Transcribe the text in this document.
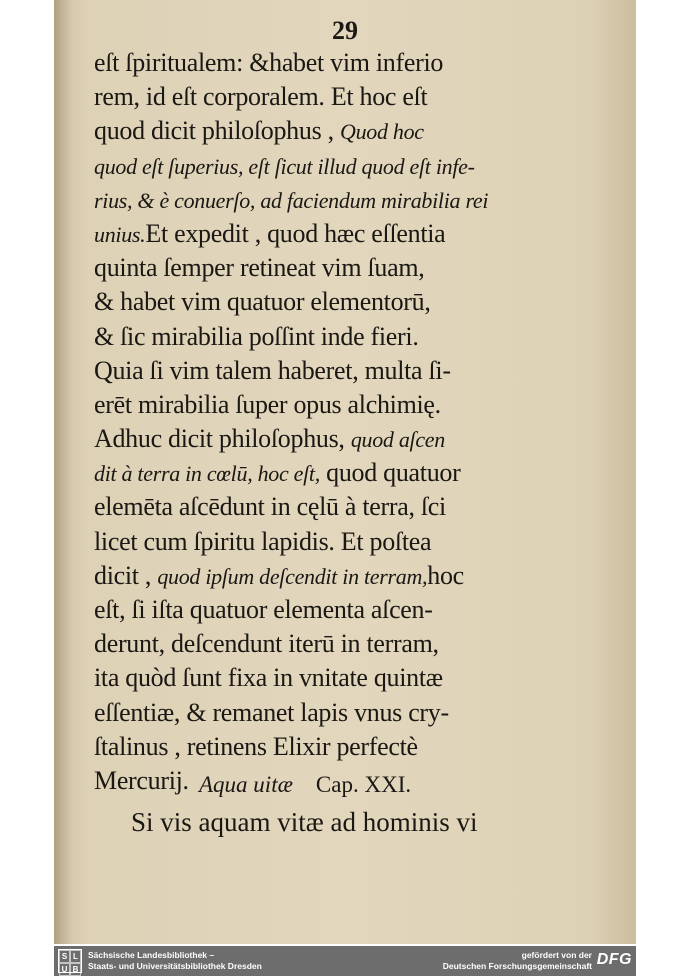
29
eſt ſpiritualem: &habet vim inferio
rem, id eſt corporalem. Et hoc eſt
quod dicit philoſophus , Quod hoc
quod eſt ſuperius, eſt ſicut illud quod eſt infe-
rius, & è conuerſo, ad faciendum mirabilia rei
unius.Et expedit , quod hæc eſſentia
quinta ſemper retineat vim ſuam,
& habet vim quatuor elementorū,
& ſic mirabilia poſſint inde fieri.
Quia ſi vim talem haberet, multa ſi-
erēt mirabilia ſuper opus alchimię.
Adhuc dicit philoſophus, quod aſcen
dit à terra in cœlū, hoc eſt, quod quatuor
elemēta aſcēdunt in cęlū à terra, ſci
licet cum ſpiritu lapidis. Et poſtea
dicit , quod ipſum deſcendit in terram,hoc
eſt, ſi iſta quatuor elementa aſcen-
derunt, deſcendunt iterū in terram,
ita quòd ſunt fixa in vnitate quintæ
eſſentiæ, & remanet lapis vnus cry-
ſtalinus , retinens Elixir perfectè
Mercurij. Aqua uitæ Cap. XXI.
Si vis aquam vitæ ad hominis vi
S L
U B
Sächsische Landesbibliothek –
Staats- und Universitätsbibliothek Dresden
gefördert von der
Deutschen Forschungsgemeinschaft DFG
